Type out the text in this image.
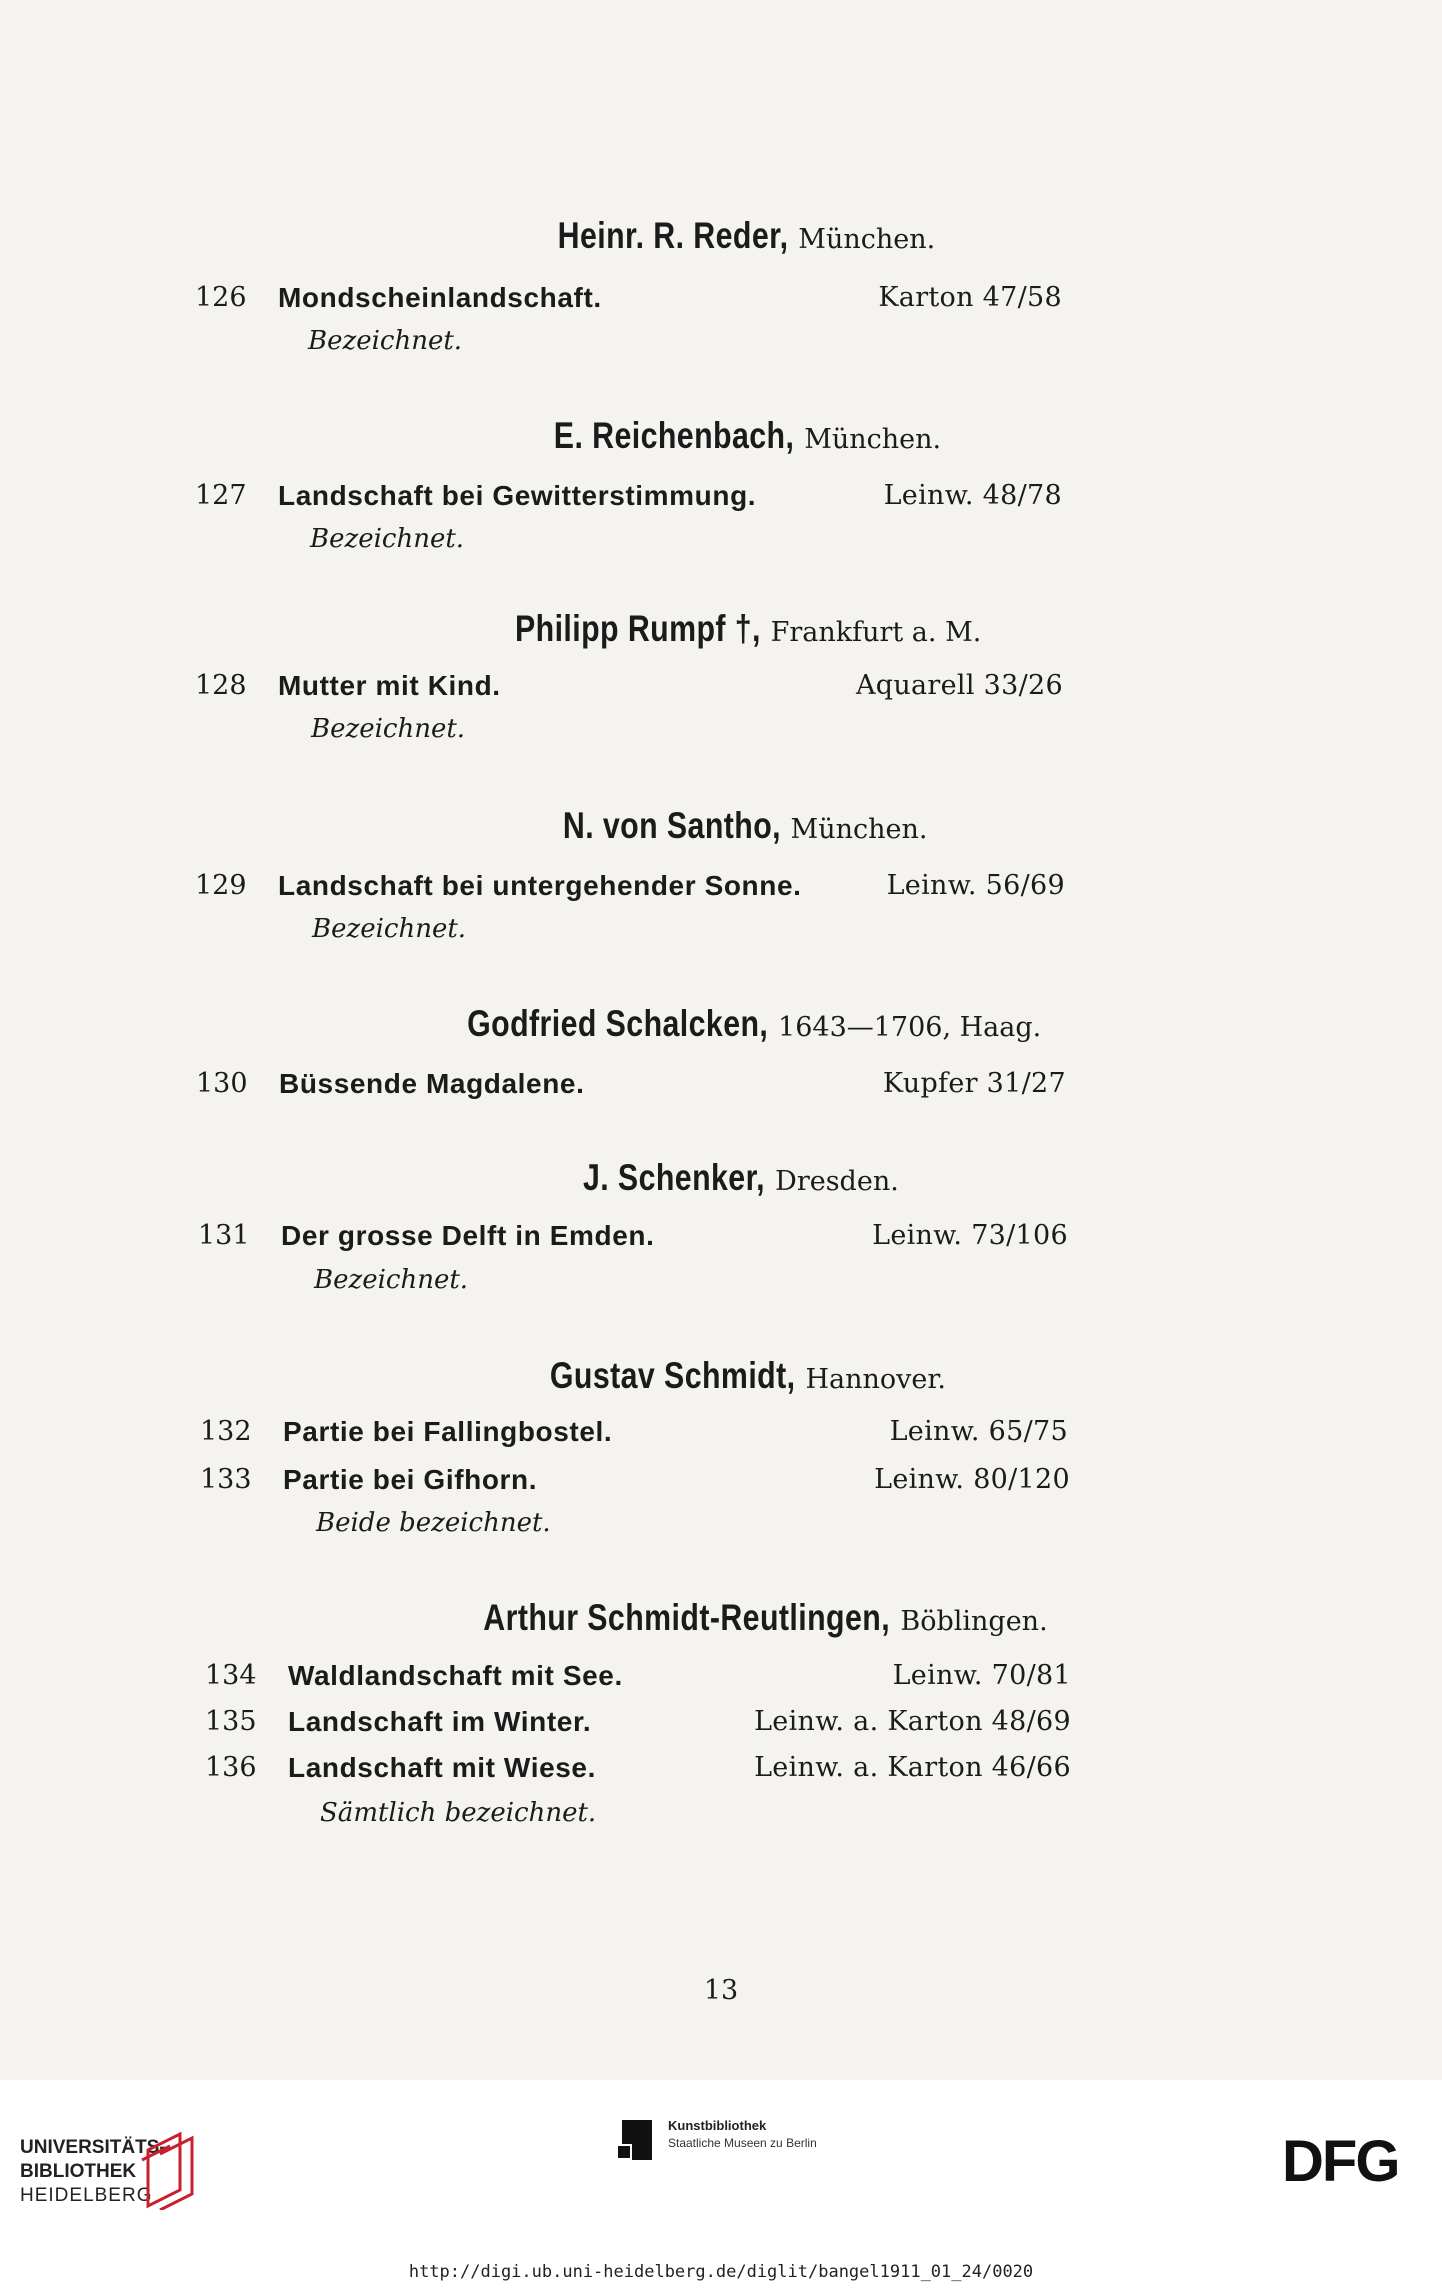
Heinr. R. Reder, München.
126 Mondscheinlandschaft.	Karton 47/58
Bezeichnet.
E. Reichenbach, München.
127 Landschaft bei Gewitterstimmung.	Leinw. 48/78
Bezeichnet.
Philipp Rumpf †, Frankfurt a. M.
128 Mutter mit Kind.	Aquarell 33/26
Bezeichnet.
N. von Santho, München.
129 Landschaft bei untergehender Sonne.	Leinw. 56/69
Bezeichnet.
Godfried Schalcken, 1643—1706, Haag.
130 Büssende Magdalene.	Kupfer 31/27
J. Schenker, Dresden.
131 Der grosse Delft in Emden.	Leinw. 73/106
Bezeichnet.
Gustav Schmidt, Hannover.
132 Partie bei Fallingbostel.	Leinw. 65/75
133 Partie bei Gifhorn.	Leinw. 80/120
Beide bezeichnet.
Arthur Schmidt-Reutlingen, Böblingen.
134 Waldlandschaft mit See.	Leinw. 70/81
135 Landschaft im Winter.	Leinw. a. Karton 48/69
136 Landschaft mit Wiese.	Leinw. a. Karton 46/66
Sämtlich bezeichnet.
13
UNIVERSITÄTS-
BIBLIOTHEK
HEIDELBERG
Kunstbibliothek
Staatliche Museen zu Berlin	DFG
http://digi.ub.uni-heidelberg.de/diglit/bangel1911_01_24/0020
